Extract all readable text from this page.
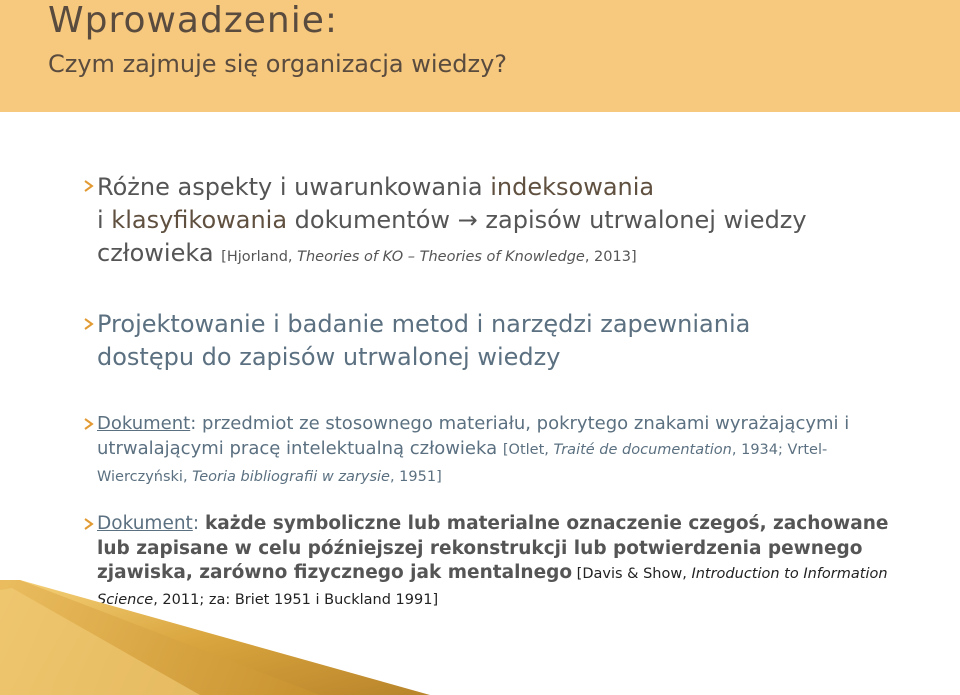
Wprowadzenie:
Czym zajmuje się organizacja wiedzy?
Różne aspekty i uwarunkowania indeksowania
i klasyfikowania dokumentów → zapisów utrwalonej wiedzy człowieka [Hjorland, Theories of KO – Theories of Knowledge, 2013]
Projektowanie i badanie metod i narzędzi zapewniania dostępu do zapisów utrwalonej wiedzy
Dokument: przedmiot ze stosownego materiału, pokrytego znakami wyrażającymi i utrwalającymi pracę intelektualną człowieka [Otlet, Traité de documentation, 1934; Vrtel-Wierczyński, Teoria bibliografii w zarysie, 1951]
Dokument: każde symboliczne lub materialne oznaczenie czegoś, zachowane lub zapisane w celu późniejszej rekonstrukcji lub potwierdzenia pewnego zjawiska, zarówno fizycznego jak mentalnego [Davis & Show, Introduction to Information Science, 2011; za: Briet 1951 i Buckland 1991]
